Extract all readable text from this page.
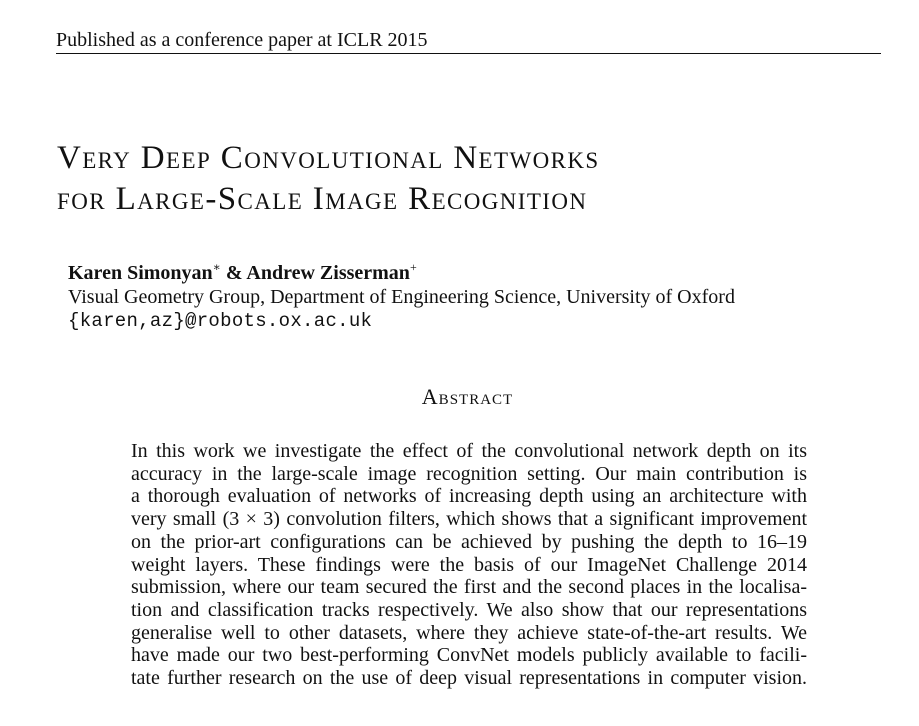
Published as a conference paper at ICLR 2015
Very Deep Convolutional Networks
for Large-Scale Image Recognition
Karen Simonyan∗ & Andrew Zisserman+
Visual Geometry Group, Department of Engineering Science, University of Oxford
{karen,az}@robots.ox.ac.uk
Abstract
In this work we investigate the effect of the convolutional network depth on its
accuracy in the large-scale image recognition setting. Our main contribution is
a thorough evaluation of networks of increasing depth using an architecture with
very small (3 × 3) convolution filters, which shows that a significant improvement
on the prior-art configurations can be achieved by pushing the depth to 16–19
weight layers. These findings were the basis of our ImageNet Challenge 2014
submission, where our team secured the first and the second places in the localisa-
tion and classification tracks respectively. We also show that our representations
generalise well to other datasets, where they achieve state-of-the-art results. We
have made our two best-performing ConvNet models publicly available to facili-
tate further research on the use of deep visual representations in computer vision.
